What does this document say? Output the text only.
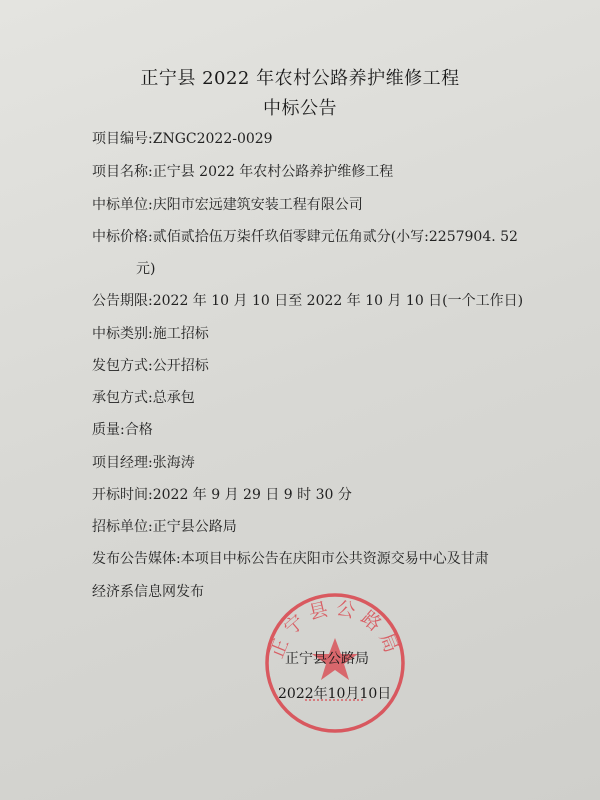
正宁县 2022 年农村公路养护维修工程
中标公告
项目编号:ZNGC2022-0029
项目名称:正宁县 2022 年农村公路养护维修工程
中标单位:庆阳市宏远建筑安装工程有限公司
中标价格:贰佰贰拾伍万柒仟玖佰零肆元伍角贰分(小写:2257904. 52
元)
公告期限:2022 年 10 月 10 日至 2022 年 10 月 10 日(一个工作日)
中标类别:施工招标
发包方式:公开招标
承包方式:总承包
质量:合格
项目经理:张海涛
开标时间:2022 年 9 月 29 日 9 时 30 分
招标单位:正宁县公路局
发布公告媒体:本项目中标公告在庆阳市公共资源交易中心及甘肃
经济系信息网发布
正宁县公路局
正宁县公路局
2022年10月10日
